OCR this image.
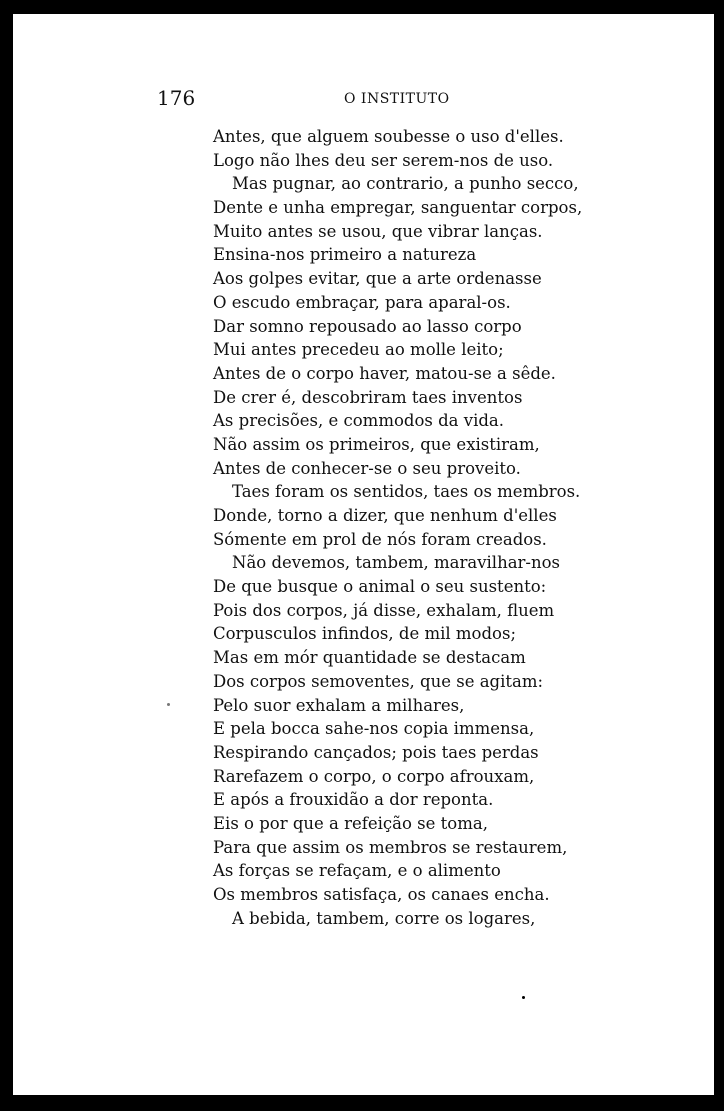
176	O INSTITUTO

Antes, que alguem soubesse o uso d'elles.
Logo não lhes deu ser serem-nos de uso.
Mas pugnar, ao contrario, a punho secco,
Dente e unha empregar, sanguentar corpos,
Muito antes se usou, que vibrar lanças.
Ensina-nos primeiro a natureza
Aos golpes evitar, que a arte ordenasse
O escudo embraçar, para aparal-os.
Dar somno repousado ao lasso corpo
Mui antes precedeu ao molle leito;
Antes de o corpo haver, matou-se a sêde.
De crer é, descobriram taes inventos
As precisões, e commodos da vida.
Não assim os primeiros, que existiram,
Antes de conhecer-se o seu proveito.
Taes foram os sentidos, taes os membros.
Donde, torno a dizer, que nenhum d'elles
Sómente em prol de nós foram creados.
Não devemos, tambem, maravilhar-nos
De que busque o animal o seu sustento:
Pois dos corpos, já disse, exhalam, fluem
Corpusculos infindos, de mil modos;
Mas em mór quantidade se destacam
Dos corpos semoventes, que se agitam:
Pelo suor exhalam a milhares,
E pela bocca sahe-nos copia immensa,
Respirando cançados; pois taes perdas
Rarefazem o corpo, o corpo afrouxam,
E após a frouxidão a dor reponta.
Eis o por que a refeição se toma,
Para que assim os membros se restaurem,
As forças se refaçam, e o alimento
Os membros satisfaça, os canaes encha.
A bebida, tambem, corre os logares,
